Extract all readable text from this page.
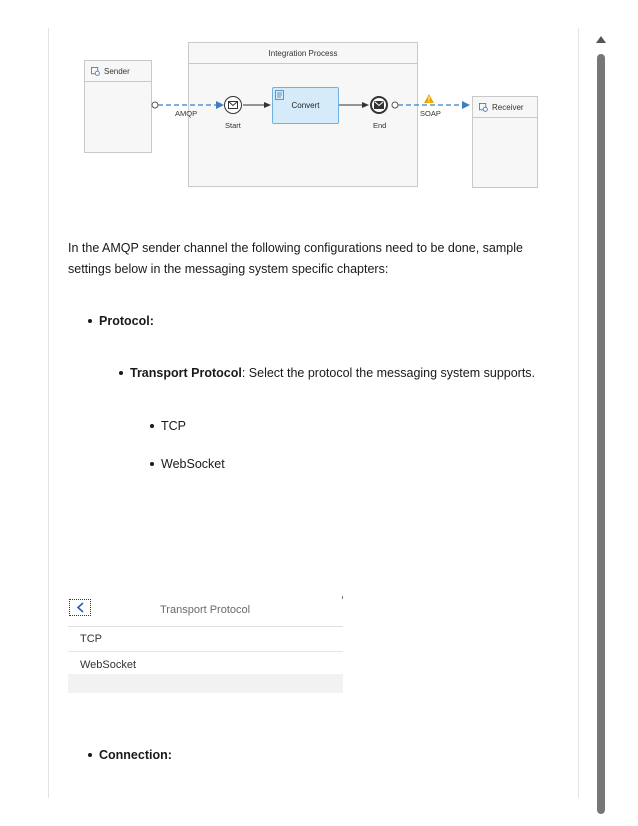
Sender
Integration Process
Receiver
Start
Convert
End
AMQP	SOAP
In the AMQP sender channel the following configurations need to be done, sample settings below in the messaging system specific chapters:
Protocol:
Transport Protocol : Select the protocol the messaging system supports.
TCP
WebSocket
Transport Protocol
TCP
WebSocket
Connection:
